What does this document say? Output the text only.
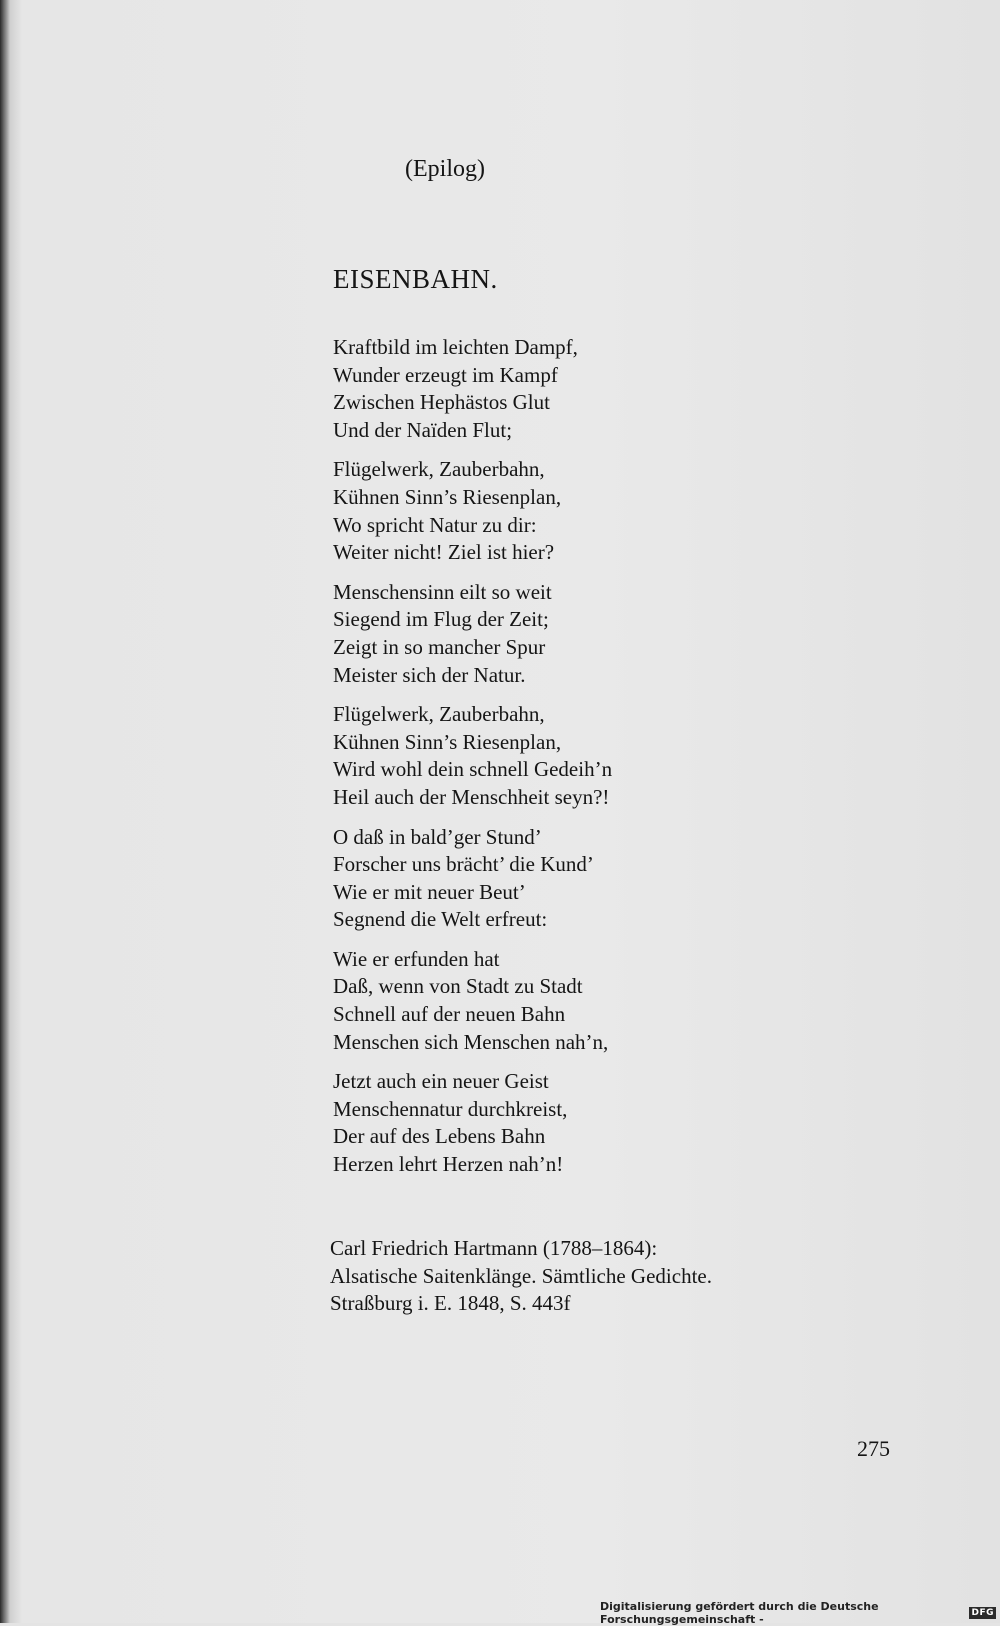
(Epilog)
EISENBAHN.
Kraftbild im leichten Dampf,
Wunder erzeugt im Kampf
Zwischen Hephästos Glut
Und der Naïden Flut;
Flügelwerk, Zauberbahn,
Kühnen Sinn’s Riesenplan,
Wo spricht Natur zu dir:
Weiter nicht! Ziel ist hier?
Menschensinn eilt so weit
Siegend im Flug der Zeit;
Zeigt in so mancher Spur
Meister sich der Natur.
Flügelwerk, Zauberbahn,
Kühnen Sinn’s Riesenplan,
Wird wohl dein schnell Gedeih’n
Heil auch der Menschheit seyn?!
O daß in bald’ger Stund’
Forscher uns brächt’ die Kund’
Wie er mit neuer Beut’
Segnend die Welt erfreut:
Wie er erfunden hat
Daß, wenn von Stadt zu Stadt
Schnell auf der neuen Bahn
Menschen sich Menschen nah’n,
Jetzt auch ein neuer Geist
Menschennatur durchkreist,
Der auf des Lebens Bahn
Herzen lehrt Herzen nah’n!
Carl Friedrich Hartmann (1788–1864):
Alsatische Saitenklänge. Sämtliche Gedichte.
Straßburg i. E. 1848, S. 443f
275
Digitalisierung gefördert durch die Deutsche Forschungsgemeinschaft -	DFG
